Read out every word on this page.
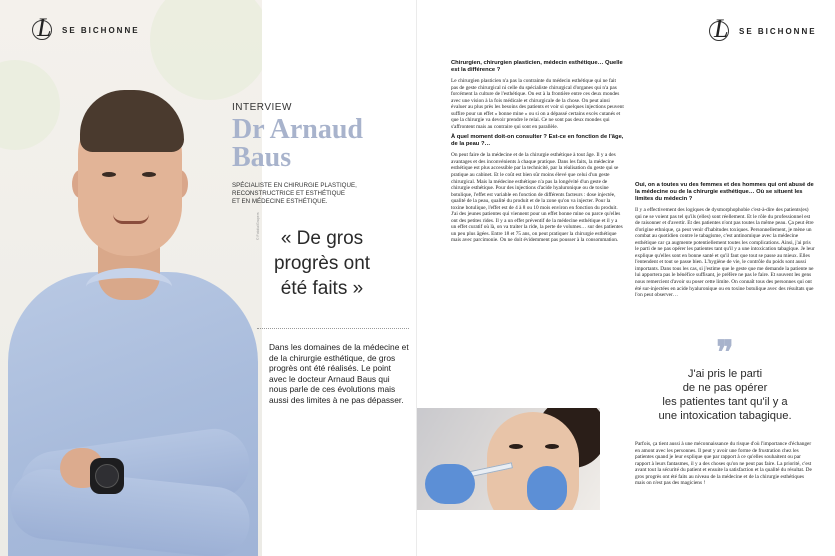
L SE BICHONNE
© Fotolia/Grapers
INTERVIEW
Dr Arnaud
Baus
SPÉCIALISTE EN CHIRURGIE PLASTIQUE,
RECONSTRUCTRICE ET ESTHÉTIQUE
ET EN MÉDECINE ESTHÉTIQUE.
« De gros
progrès ont
été faits »
Dans les domaines de la médecine et de la chirurgie esthétique, de gros progrès ont été réalisés. Le point avec le docteur Arnaud Baus qui nous parle de ces évolutions mais aussi des limites à ne pas dépasser.
L SE BICHONNE
Chirurgien, chirurgien plasticien, médecin esthétique… Quelle est la différence ?

Le chirurgien plasticien n'a pas la contrainte du médecin esthétique qui ne fait pas de geste chirurgical ni celle du spécialiste chirurgical d'organes qui n'a pas forcément la culture de l'esthétique. On est à la frontière entre ces deux mondes avec une vision à la fois médicale et chirurgicale de la chose. On peut ainsi évaluer au plus près les besoins des patients et voir si quelques injections peuvent suffire pour un effet « bonne mine » ou si on a dépassé certains excès cutanés et que la chirurgie va devoir prendre le relai. Ce ne sont pas deux mondes qui s'affrontent mais au contraire qui sont en parallèle.

À quel moment doit-on consulter ? Est-ce en fonction de l'âge, de la peau ?…

On peut faire de la médecine et de la chirurgie esthétique à tout âge. Il y a des avantages et des inconvénients à chaque pratique. Dans les faits, la médecine esthétique est plus accessible par la technicité, par la réalisation du geste qui se pratique au cabinet. Et le coût est bien sûr moins élevé que celui d'un geste chirurgical. Mais la médecine esthétique n'a pas la longévité d'un geste de chirurgie esthétique. Pour des injections d'acide hyaluronique ou de toxine botulique, l'effet est variable en fonction de différents facteurs : dose injectée, qualité de la peau, qualité du produit et de la zone qu'on va injecter. Pour la toxine botulique, l'effet est de 4 à 8 ou 10 mois environ en fonction du produit. J'ai des jeunes patientes qui viennent pour un effet bonne mine ou parce qu'elles ont des petites rides. Il y a un effet préventif de la médecine esthétique et il y a un effet curatif où là, on va traiter la ride, la perte de volumes… sur des patientes un peu plus âgées. Entre 18 et 75 ans, on peut pratiquer la chirurgie esthétique mais avec parcimonie. On ne doit évidemment pas pousser à la consommation.

Oui, on a toutes vu des femmes et des hommes qui ont abusé de la médecine ou de la chirurgie esthétique… Où se situent les limites du médecin ?

Il y a effectivement des logiques de dysmorphophobie c'est-à-dire des patients(es) qui ne se voient pas tel qu'ils (elles) sont réellement. Et le rôle du professionnel est de raisonner et d'avertir. Et des patientes n'ont pas toutes la même peau. Ça peut être d'origine ethnique, ça peut venir d'habitudes toxiques. Personnellement, je mène un combat au quotidien contre le tabagisme, c'est antinomique avec la médecine esthétique car ça augmente potentiellement toutes les complications. Ainsi, j'ai pris le parti de ne pas opérer les patientes tant qu'il y a une intoxication tabagique. Je leur explique qu'elles sont en bonne santé et qu'il faut que tout se passe au mieux. Elles l'entendent et tout se passe bien. L'hygiène de vie, le contrôle du poids sont aussi importants. Dans tous les cas, si j'estime que le geste que me demande la patiente ne lui apportera pas le bénéfice suffisant, je préfère ne pas le faire. Et souvent les gens nous remercient d'avoir su poser cette limite. On connaît tous des personnes qui ont été sur-injectées en acide hyaluronique ou en toxine botulique avec des résultats que l'on peut observer…

❞
J'ai pris le parti
de ne pas opérer
les patientes tant qu'il y a
une intoxication tabagique.

Parfois, ça tient aussi à une méconnaissance du risque d'où l'importance d'échanger en amont avec les personnes. Il peut y avoir une forme de frustration chez les patientes quand je leur explique que par rapport à ce qu'elles souhaitent ou par rapport à leurs fantasmes, il y a des choses qu'on ne peut pas faire. La priorité, c'est avant tout la sécurité du patient et ensuite la satisfaction et la qualité du résultat. De gros progrès ont été faits au niveau de la médecine et de la chirurgie esthétiques mais on n'est pas des magiciens !
